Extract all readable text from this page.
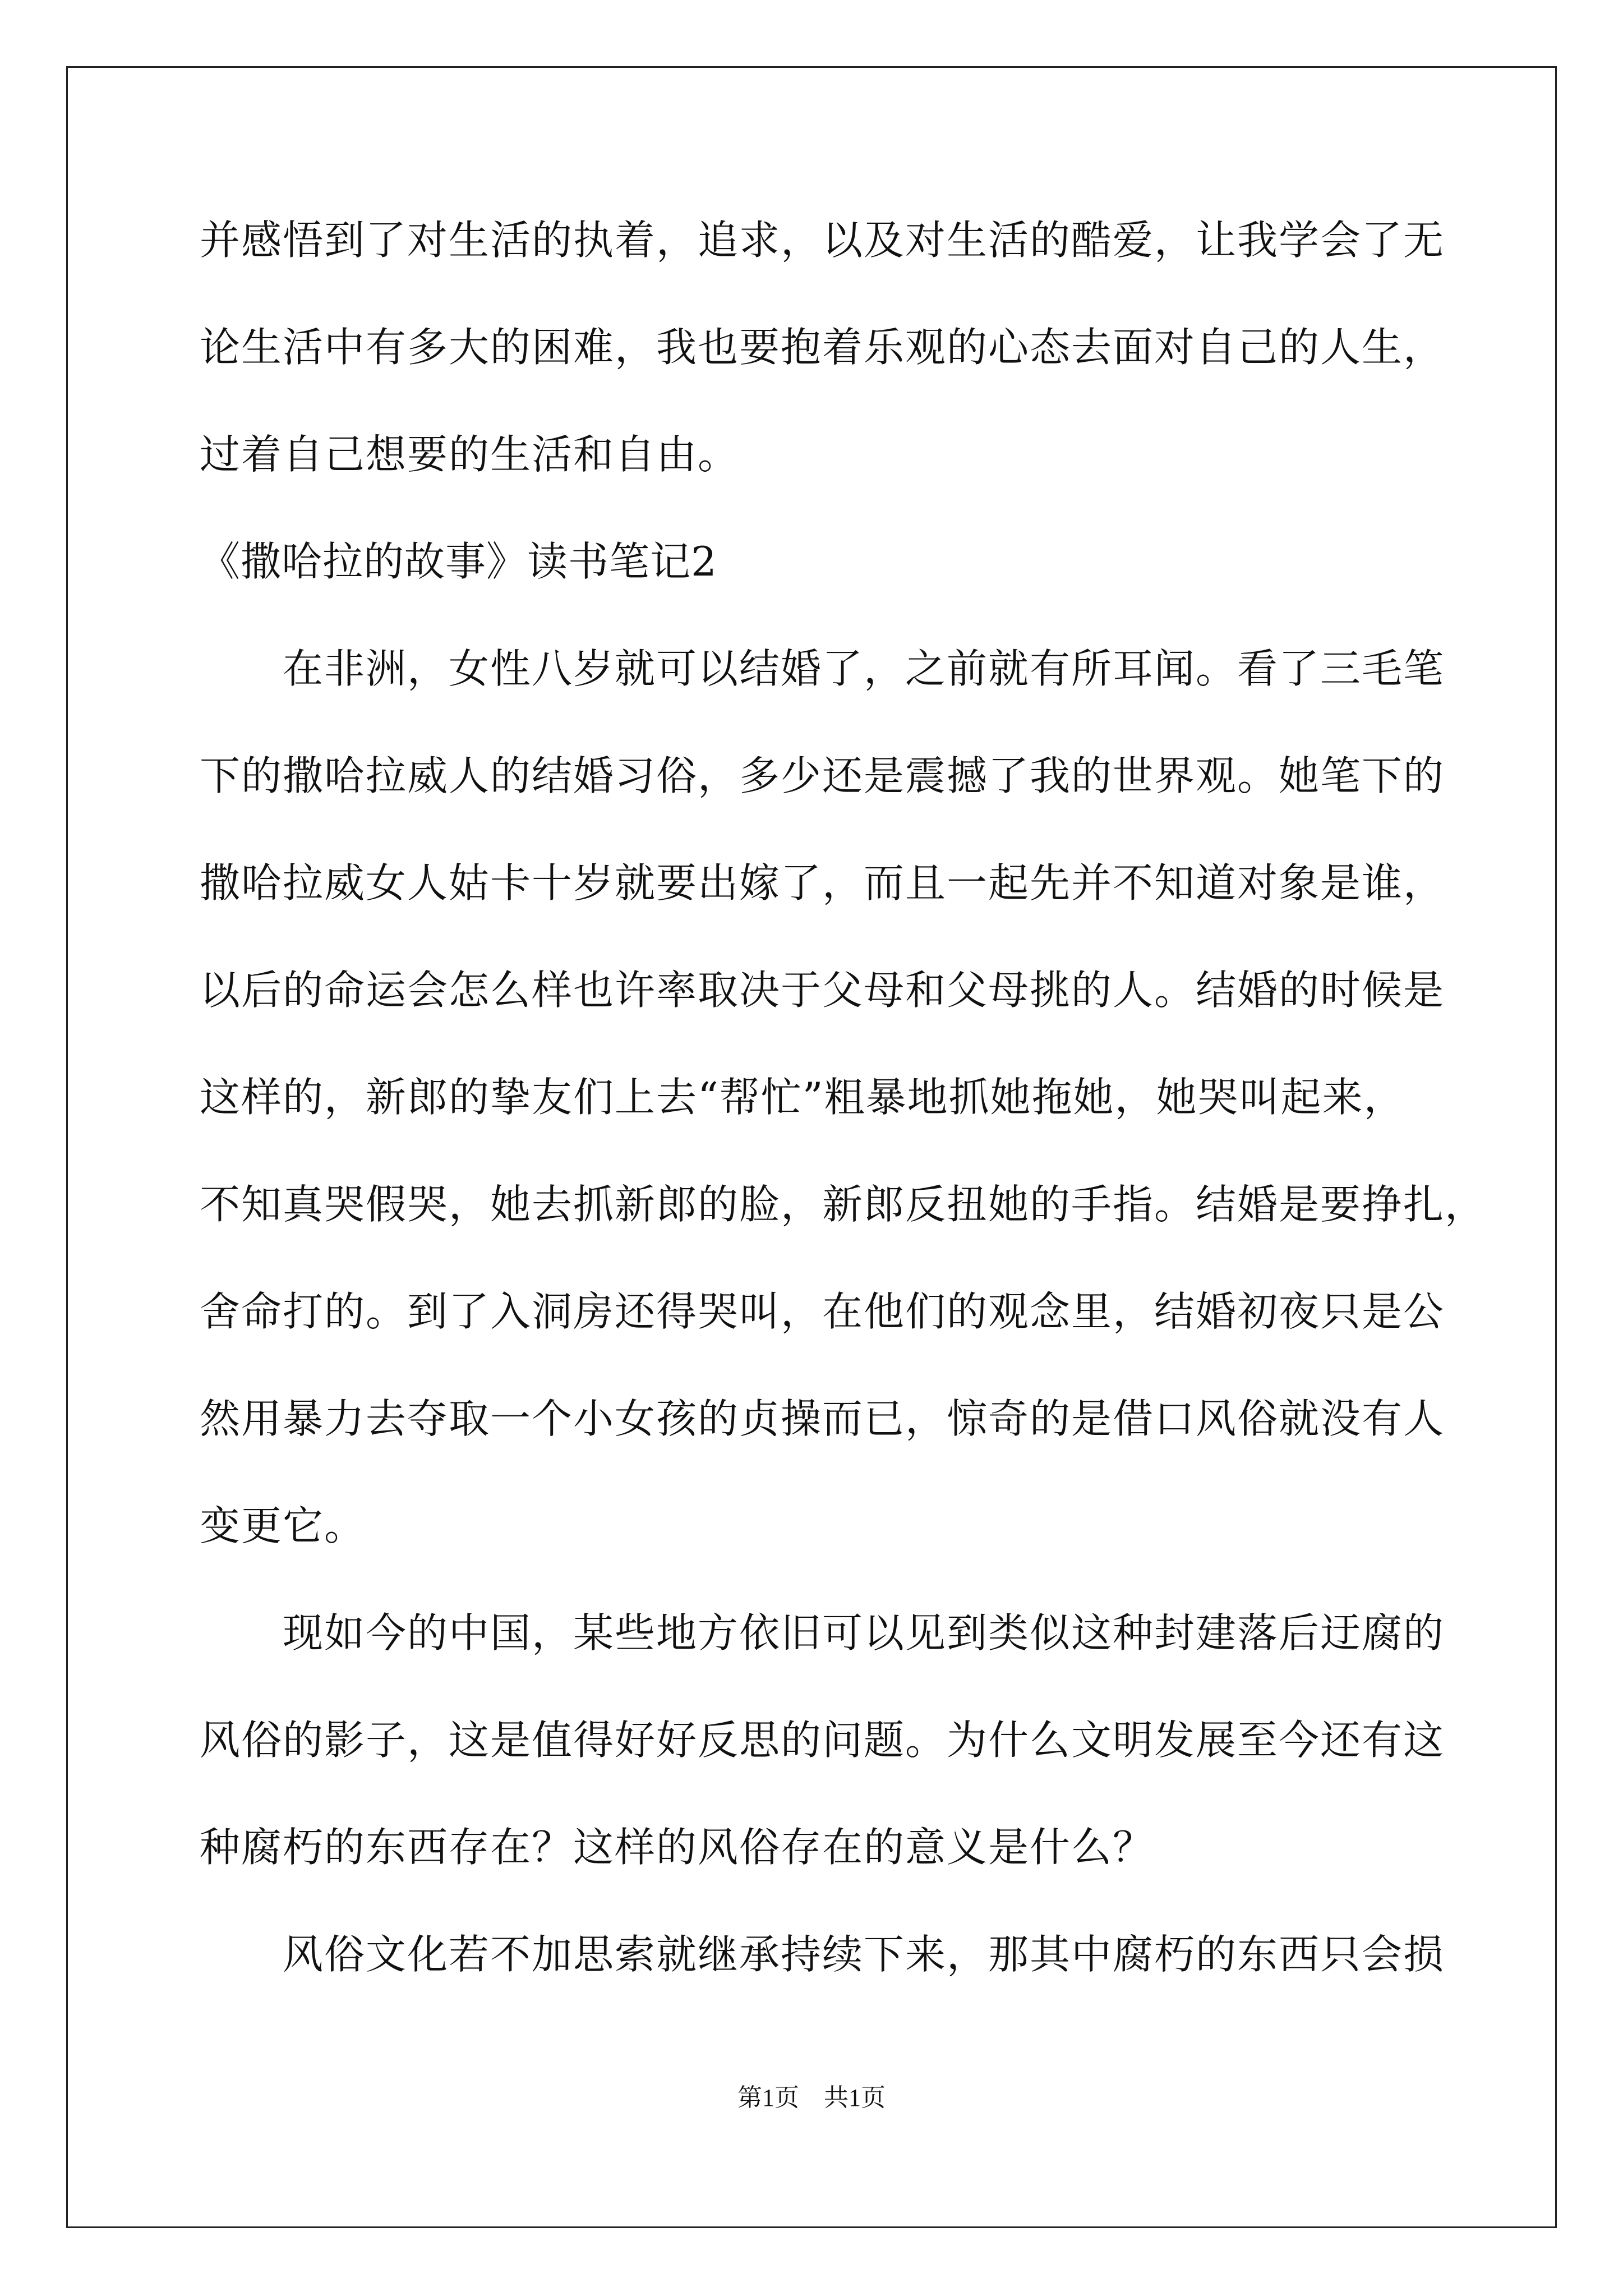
并感悟到了对生活的执着，追求，以及对生活的酷爱，让我学会了无
论生活中有多大的困难，我也要抱着乐观的心态去面对自己的人生，
过着自己想要的生活和自由。
《撒哈拉的故事》读书笔记2
在非洲，女性八岁就可以结婚了，之前就有所耳闻。看了三毛笔
下的撒哈拉威人的结婚习俗，多少还是震撼了我的世界观。她笔下的
撒哈拉威女人姑卡十岁就要出嫁了，而且一起先并不知道对象是谁，
以后的命运会怎么样也许率取决于父母和父母挑的人。结婚的时候是
这样的，新郎的挚友们上去“帮忙”粗暴地抓她拖她，她哭叫起来，
不知真哭假哭，她去抓新郎的脸，新郎反扭她的手指。结婚是要挣扎，
舍命打的。到了入洞房还得哭叫，在他们的观念里，结婚初夜只是公
然用暴力去夺取一个小女孩的贞操而已，惊奇的是借口风俗就没有人
变更它。
现如今的中国，某些地方依旧可以见到类似这种封建落后迂腐的
风俗的影子，这是值得好好反思的问题。为什么文明发展至今还有这
种腐朽的东西存在？这样的风俗存在的意义是什么？
风俗文化若不加思索就继承持续下来，那其中腐朽的东西只会损
第1页　共1页
